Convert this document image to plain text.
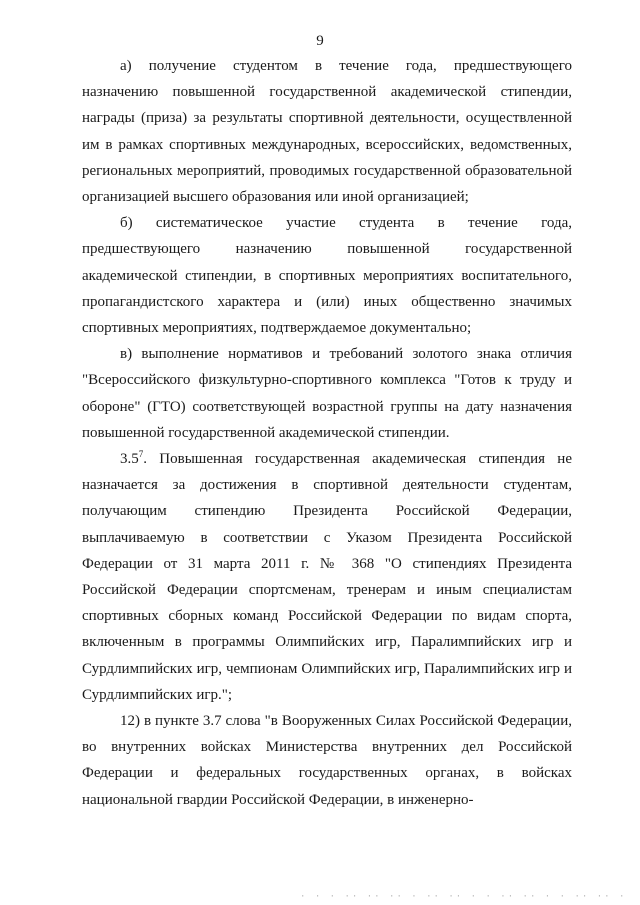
9

а) получение студентом в течение года, предшествующего назначению повышенной государственной академической стипендии, награды (приза) за результаты спортивной деятельности, осуществленной им в рамках спортивных международных, всероссийских, ведомственных, региональных мероприятий, проводимых государственной образовательной организацией высшего образования или иной организацией;

б) систематическое участие студента в течение года, предшествующего назначению повышенной государственной академической стипендии, в спортивных мероприятиях воспитательного, пропагандистского характера и (или) иных общественно значимых спортивных мероприятиях, подтверждаемое документально;

в) выполнение нормативов и требований золотого знака отличия "Всероссийского физкультурно-спортивного комплекса "Готов к труду и обороне" (ГТО) соответствующей возрастной группы на дату назначения повышенной государственной академической стипендии.

$3.5^7$. Повышенная государственная академическая стипендия не назначается за достижения в спортивной деятельности студентам, получающим стипендию Президента Российской Федерации, выплачиваемую в соответствии с Указом Президента Российской Федерации от 31 марта 2011 г. № 368 "О стипендиях Президента Российской Федерации спортсменам, тренерам и иным специалистам спортивных сборных команд Российской Федерации по видам спорта, включенным в программы Олимпийских игр, Паралимпийских игр и Сурдлимпийских игр, чемпионам Олимпийских игр, Паралимпийских игр и Сурдлимпийских игр.";

12) в пункте 3.7 слова "в Вооруженных Силах Российской Федерации, во внутренних войсках Министерства внутренних дел Российской Федерации и федеральных государственных органах, в войсках национальной гвардии Российской Федерации, в инженерно-

· · · ·· ·· ·· · ·· ·· · · ·· ·· · · ·· ·· ·
